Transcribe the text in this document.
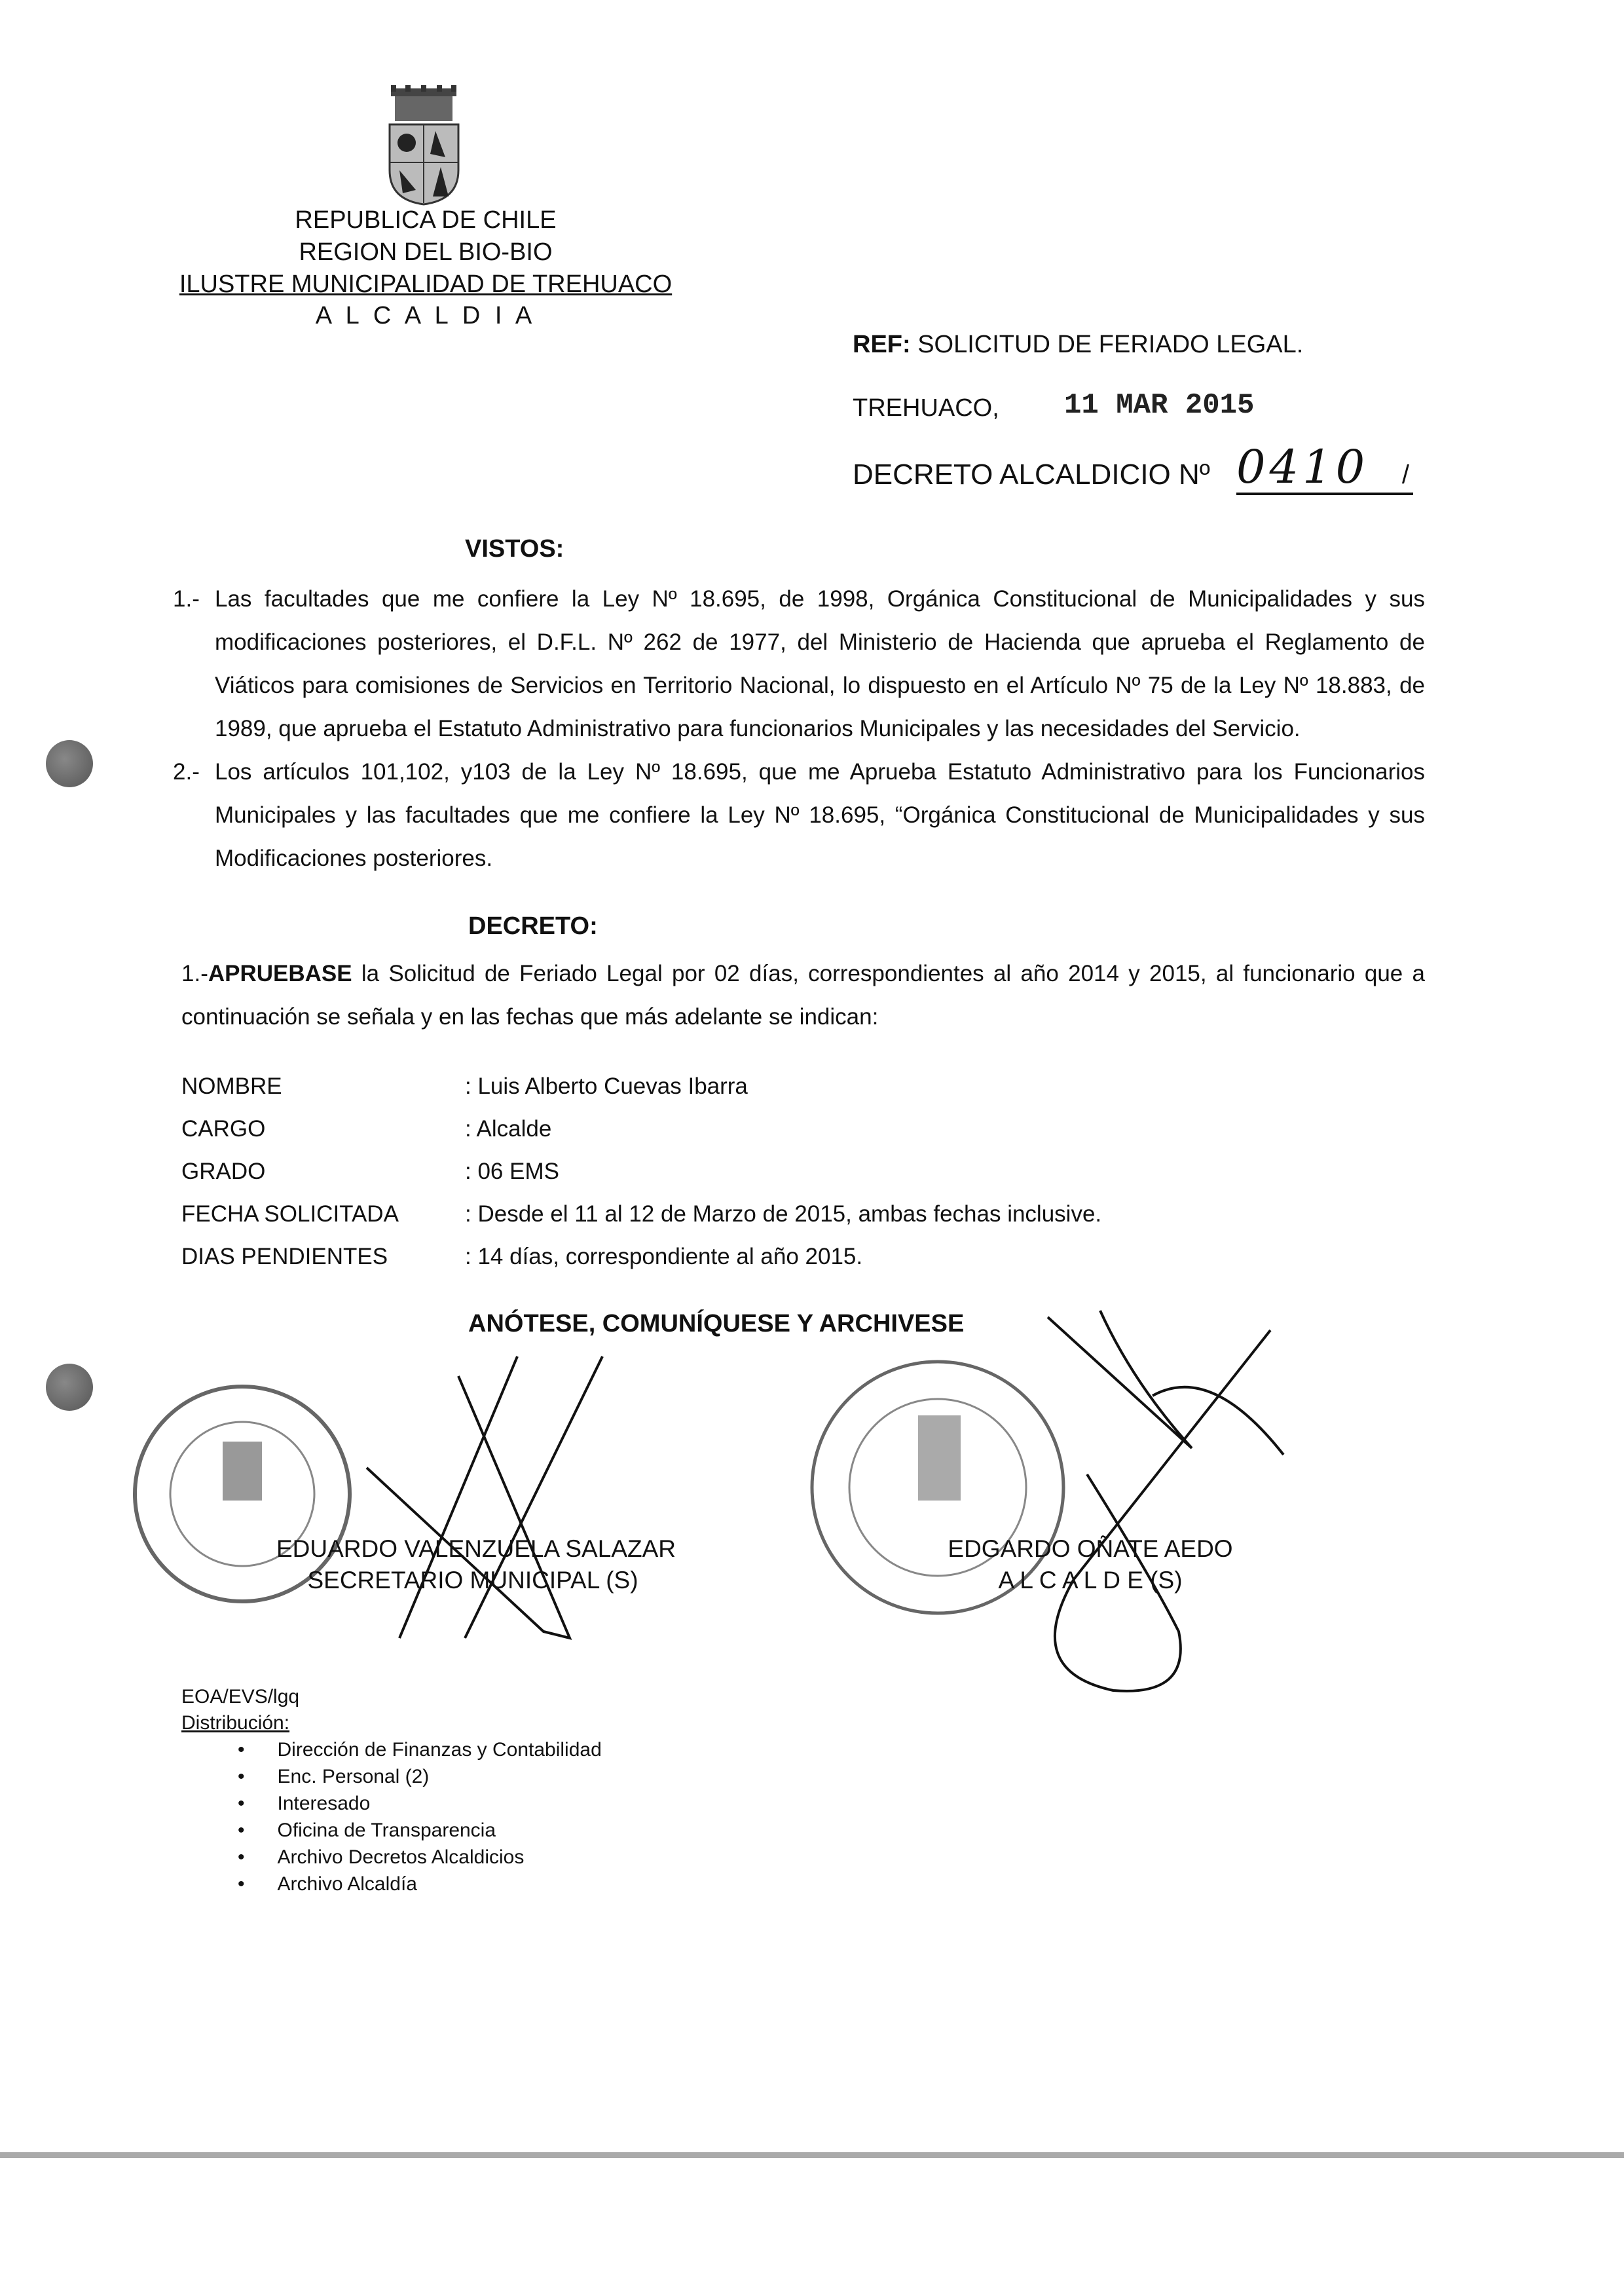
REPUBLICA DE CHILE
REGION DEL BIO-BIO
ILUSTRE MUNICIPALIDAD DE TREHUACO
A L C A L D I A
REF: SOLICITUD DE FERIADO LEGAL.
TREHUACO, 11 MAR 2015
DECRETO ALCALDICIO Nº 0410 /
VISTOS:
1.- Las facultades que me confiere la Ley Nº 18.695, de 1998, Orgánica Constitucional de Municipalidades y sus modificaciones posteriores, el D.F.L. Nº 262 de 1977, del Ministerio de Hacienda que aprueba el Reglamento de Viáticos para comisiones de Servicios en Territorio Nacional, lo dispuesto en el Artículo Nº 75 de la Ley Nº 18.883, de 1989, que aprueba el Estatuto Administrativo para funcionarios Municipales y las necesidades del Servicio.
2.- Los artículos 101,102, y103 de la Ley Nº 18.695, que me Aprueba Estatuto Administrativo para los Funcionarios Municipales y las facultades que me confiere la Ley Nº 18.695, “Orgánica Constitucional de Municipalidades y sus Modificaciones posteriores.
DECRETO:
1.-APRUEBASE la Solicitud de Feriado Legal por 02 días, correspondientes al año 2014 y 2015, al funcionario que a continuación se señala y en las fechas que más adelante se indican:
NOMBRE	: Luis Alberto Cuevas Ibarra
CARGO	: Alcalde
GRADO	: 06 EMS
FECHA SOLICITADA	: Desde el 11 al 12 de Marzo de 2015, ambas fechas inclusive.
DIAS PENDIENTES	: 14 días, correspondiente al año 2015.
ANÓTESE, COMUNÍQUESE Y ARCHIVESE
EDUARDO VALENZUELA SALAZAR
SECRETARIO MUNICIPAL (S)
EDGARDO OÑATE AEDO
A L C A L D E (S)
EOA/EVS/lgq
Distribución:
•      Dirección de Finanzas y Contabilidad
•      Enc. Personal (2)
•      Interesado
•      Oficina de Transparencia
•      Archivo Decretos Alcaldicios
•      Archivo Alcaldía
